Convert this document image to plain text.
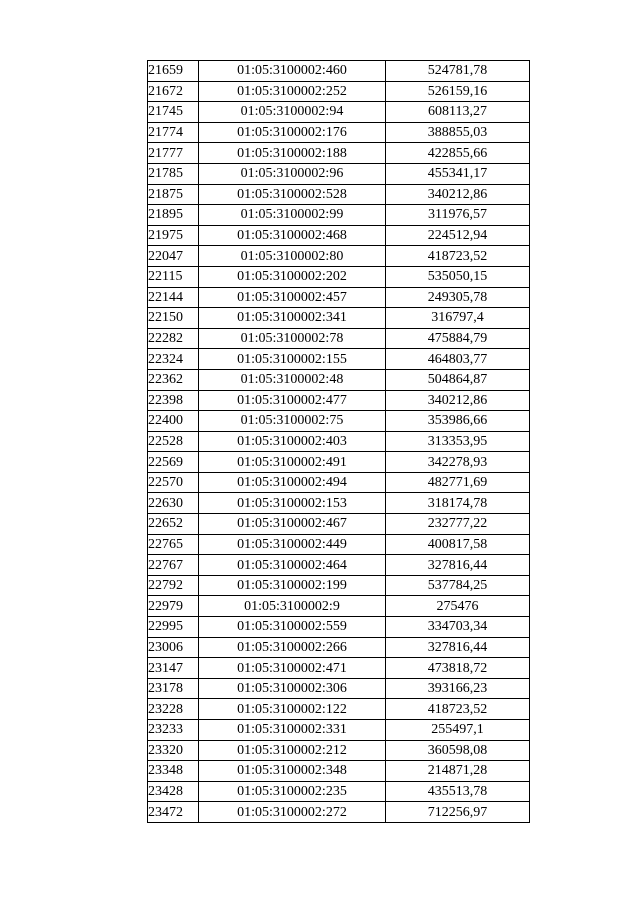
21659	01:05:3100002:460	524781,78
21672	01:05:3100002:252	526159,16
21745	01:05:3100002:94	608113,27
21774	01:05:3100002:176	388855,03
21777	01:05:3100002:188	422855,66
21785	01:05:3100002:96	455341,17
21875	01:05:3100002:528	340212,86
21895	01:05:3100002:99	311976,57
21975	01:05:3100002:468	224512,94
22047	01:05:3100002:80	418723,52
22115	01:05:3100002:202	535050,15
22144	01:05:3100002:457	249305,78
22150	01:05:3100002:341	316797,4
22282	01:05:3100002:78	475884,79
22324	01:05:3100002:155	464803,77
22362	01:05:3100002:48	504864,87
22398	01:05:3100002:477	340212,86
22400	01:05:3100002:75	353986,66
22528	01:05:3100002:403	313353,95
22569	01:05:3100002:491	342278,93
22570	01:05:3100002:494	482771,69
22630	01:05:3100002:153	318174,78
22652	01:05:3100002:467	232777,22
22765	01:05:3100002:449	400817,58
22767	01:05:3100002:464	327816,44
22792	01:05:3100002:199	537784,25
22979	01:05:3100002:9	275476
22995	01:05:3100002:559	334703,34
23006	01:05:3100002:266	327816,44
23147	01:05:3100002:471	473818,72
23178	01:05:3100002:306	393166,23
23228	01:05:3100002:122	418723,52
23233	01:05:3100002:331	255497,1
23320	01:05:3100002:212	360598,08
23348	01:05:3100002:348	214871,28
23428	01:05:3100002:235	435513,78
23472	01:05:3100002:272	712256,97
